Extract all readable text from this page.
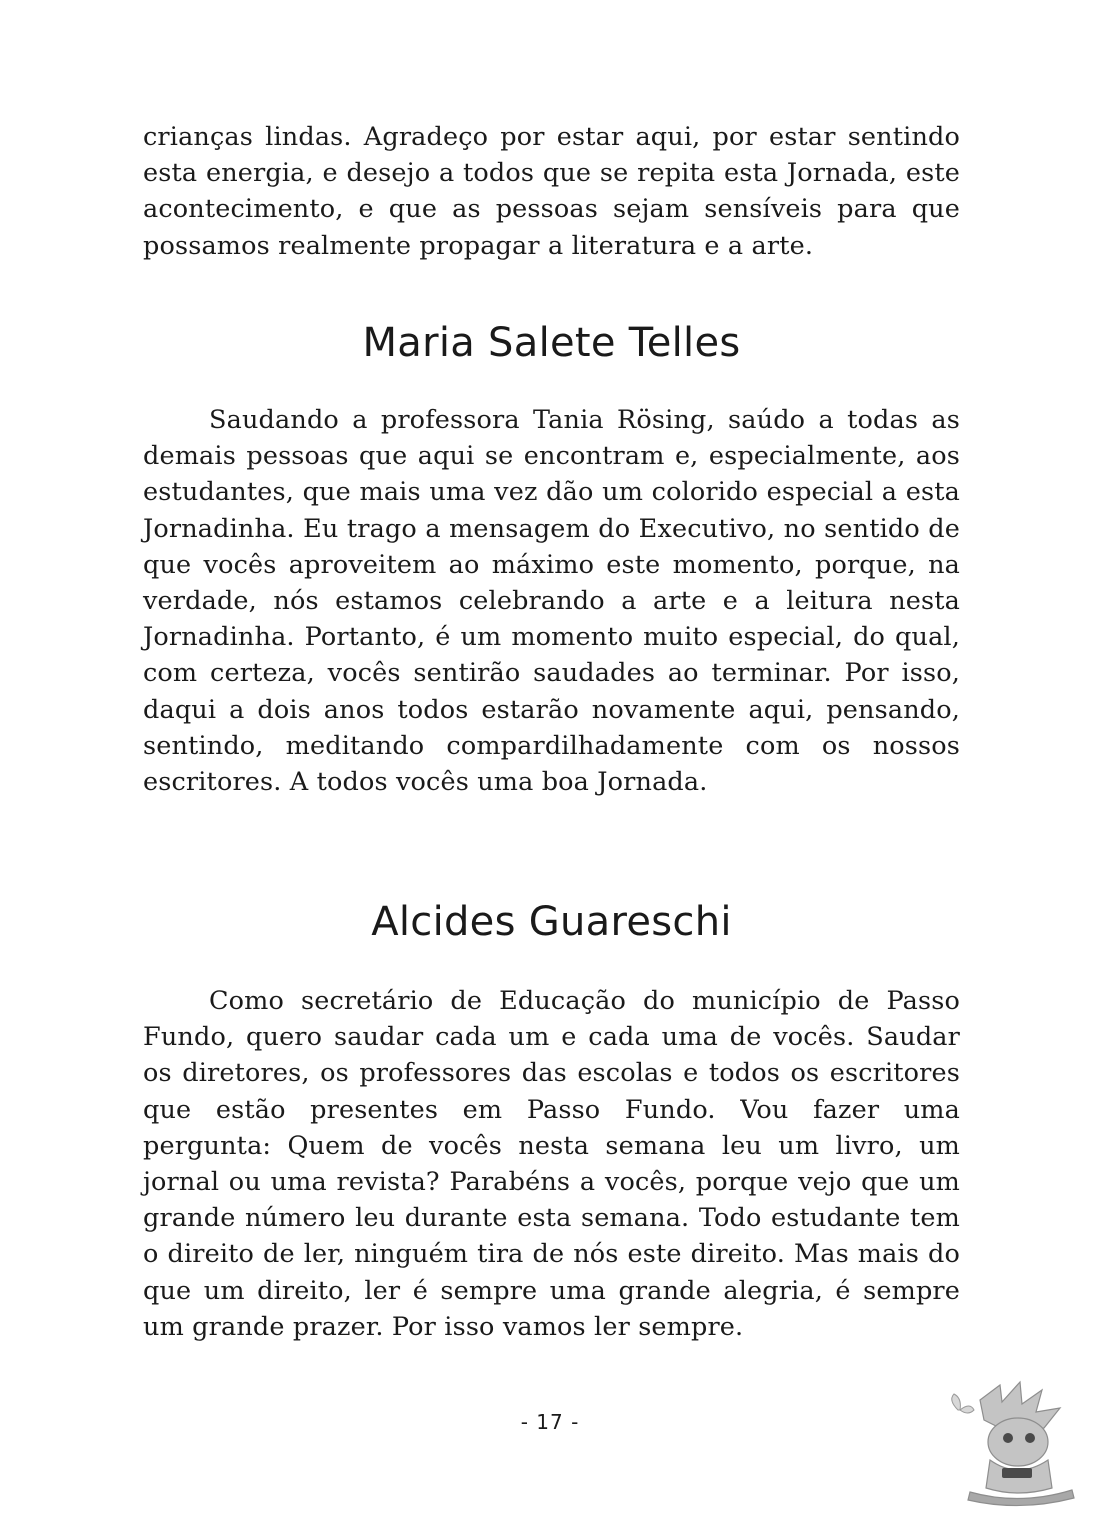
crianças lindas. Agradeço por estar aqui, por estar sentindo esta energia, e desejo a todos que se repita esta Jornada, este acontecimento, e que as pessoas sejam sensíveis para que possamos realmente propagar a literatura e a arte.

Maria Salete Telles

Saudando a professora Tania Rösing, saúdo a todas as demais pessoas que aqui se encontram e, especialmente, aos estudantes, que mais uma vez dão um colorido especial a esta Jornadinha. Eu trago a mensagem do Executivo, no sentido de que vocês aproveitem ao máximo este momento, porque, na verdade, nós estamos celebrando a arte e a leitura nesta Jornadinha. Portanto, é um momento muito especial, do qual, com certeza, vocês sentirão saudades ao terminar. Por isso, daqui a dois anos todos estarão novamente aqui, pensando, sentindo, meditando compardilhadamente com os nossos escritores. A todos vocês uma boa Jornada.

Alcides Guareschi

Como secretário de Educação do município de Passo Fundo, quero saudar cada um e cada uma de vocês. Saudar os diretores, os professores das escolas e todos os escritores que estão presentes em Passo Fundo. Vou fazer uma pergunta: Quem de vocês nesta semana leu um livro, um jornal ou uma revista? Parabéns a vocês, porque vejo que um grande número leu durante esta semana. Todo estudante tem o direito de ler, ninguém tira de nós este direito. Mas mais do que um direito, ler é sempre uma grande alegria, é sempre um grande prazer. Por isso vamos ler sempre.

- 17 -
